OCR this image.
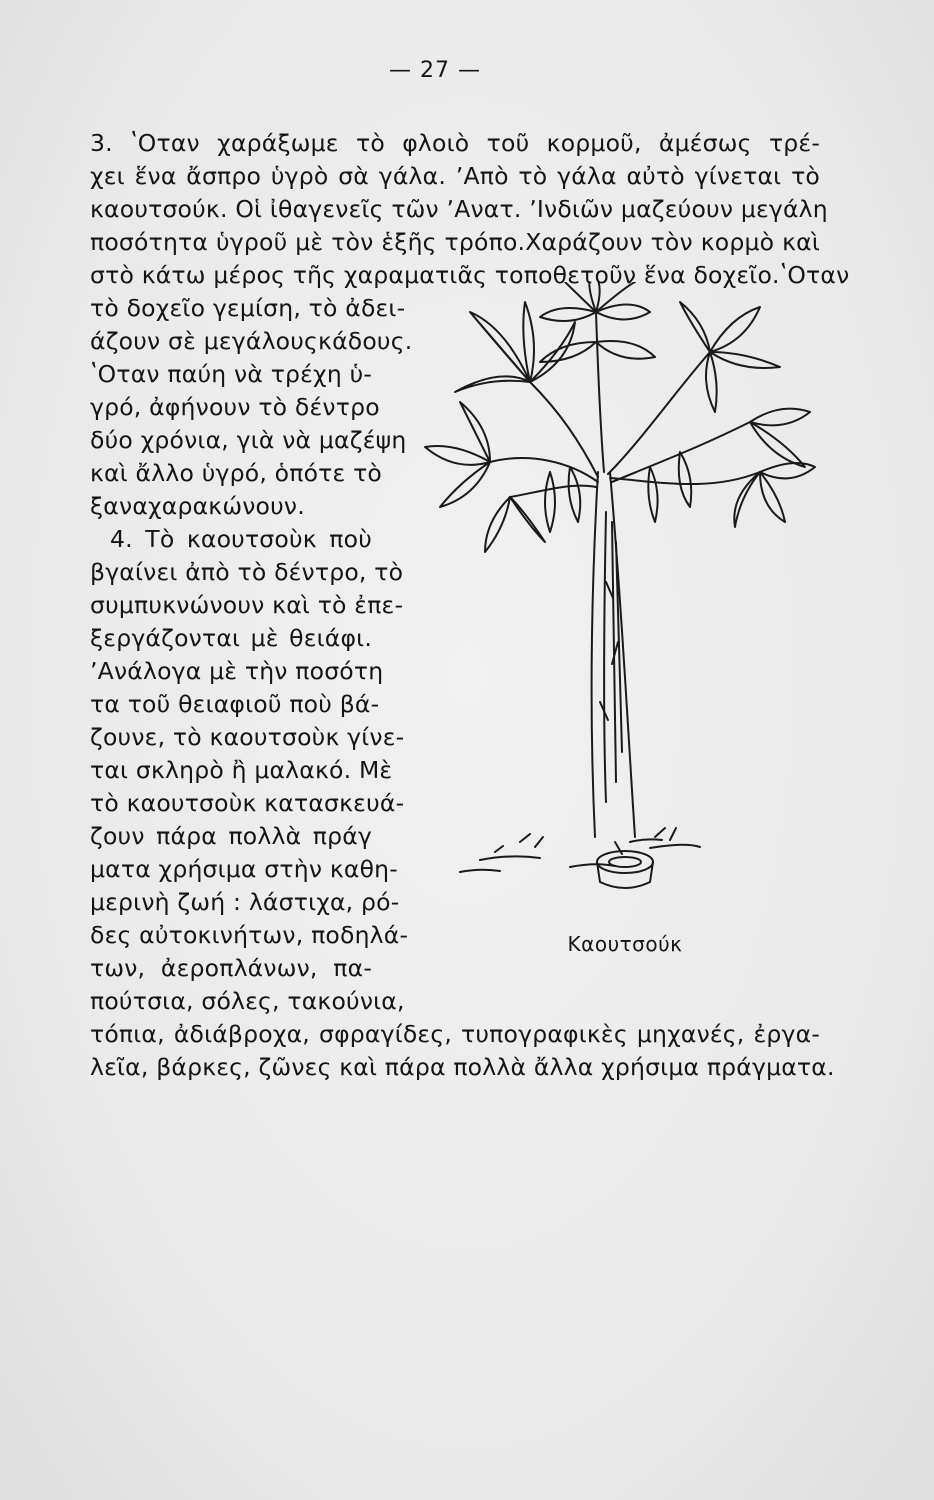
— 27 —
3. ʽΟταν χαράξωμε τὸ φλοιὸ τοῦ κορμοῦ, ἀμέσως τρέ-
χει ἕνα ἄσπρο ὑγρὸ σὰ γάλα. ʼΑπὸ τὸ γάλα αὐτὸ γίνεται τὸ
καουτσούκ. Οἱ ἰθαγενεῖς τῶν ʼΑνατ. ʼΙνδιῶν μαζεύουν μεγάλη
ποσότητα ὑγροῦ μὲ τὸν ἑξῆς τρόπο.Χαράζουν τὸν κορμὸ καὶ
στὸ κάτω μέρος τῆς χαραματιᾶς τοποθετοῦν ἕνα δοχεῖο.ʽΟταν
τὸ δοχεῖο γεμίση, τὸ ἀδει-
άζουν σὲ μεγάλουςκάδους.
ʽΟταν παύη νὰ τρέχη ὑ-
γρό, ἀφήνουν τὸ δέντρο
δύο χρόνια, γιὰ νὰ μαζέψη
καὶ ἄλλο ὑγρό, ὁπότε τὸ
ξαναχαρακώνουν.
4. Τὸ καουτσοὺκ ποὺ
βγαίνει ἀπὸ τὸ δέντρο, τὸ
συμπυκνώνουν καὶ τὸ ἐπε-
ξεργάζονται μὲ θειάφι.
ʼΑνάλογα μὲ τὴν ποσότη
τα τοῦ θειαφιοῦ ποὺ βά-
ζουνε, τὸ καουτσοὺκ γίνε-
ται σκληρὸ ἢ μαλακό. Μὲ
τὸ καουτσοὺκ κατασκευά-
ζουν πάρα πολλὰ πράγ
ματα χρήσιμα στὴν καθη-
μερινὴ ζωή : λάστιχα, ρό-
δες αὐτοκινήτων, ποδηλά-
των, ἀεροπλάνων, πα-
πούτσια, σόλες, τακούνια,
τόπια, ἀδιάβροχα, σφραγίδες, τυπογραφικὲς μηχανές, ἐργα-
λεῖα, βάρκες, ζῶνες καὶ πάρα πολλὰ ἄλλα χρήσιμα πράγματα.
Καουτσούκ
